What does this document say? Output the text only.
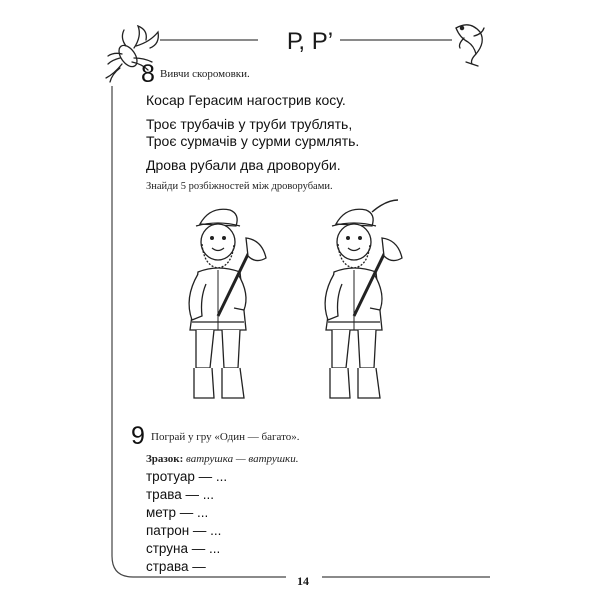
Р, Р’
8 Вивчи скоромовки.
Косар Герасим нагострив косу.
Троє трубачів у труби трублять,
Троє сурмачів у сурми сурмлять.
Дрова рубали два дроворуби.
Знайди 5 розбіжностей між дроворубами.
9 Пограй у гру «Один — багато».
Зразок: ватрушка — ватрушки.
тротуар — ...
трава — ...
метр — ...
патрон — ...
струна — ...
страва —
14
